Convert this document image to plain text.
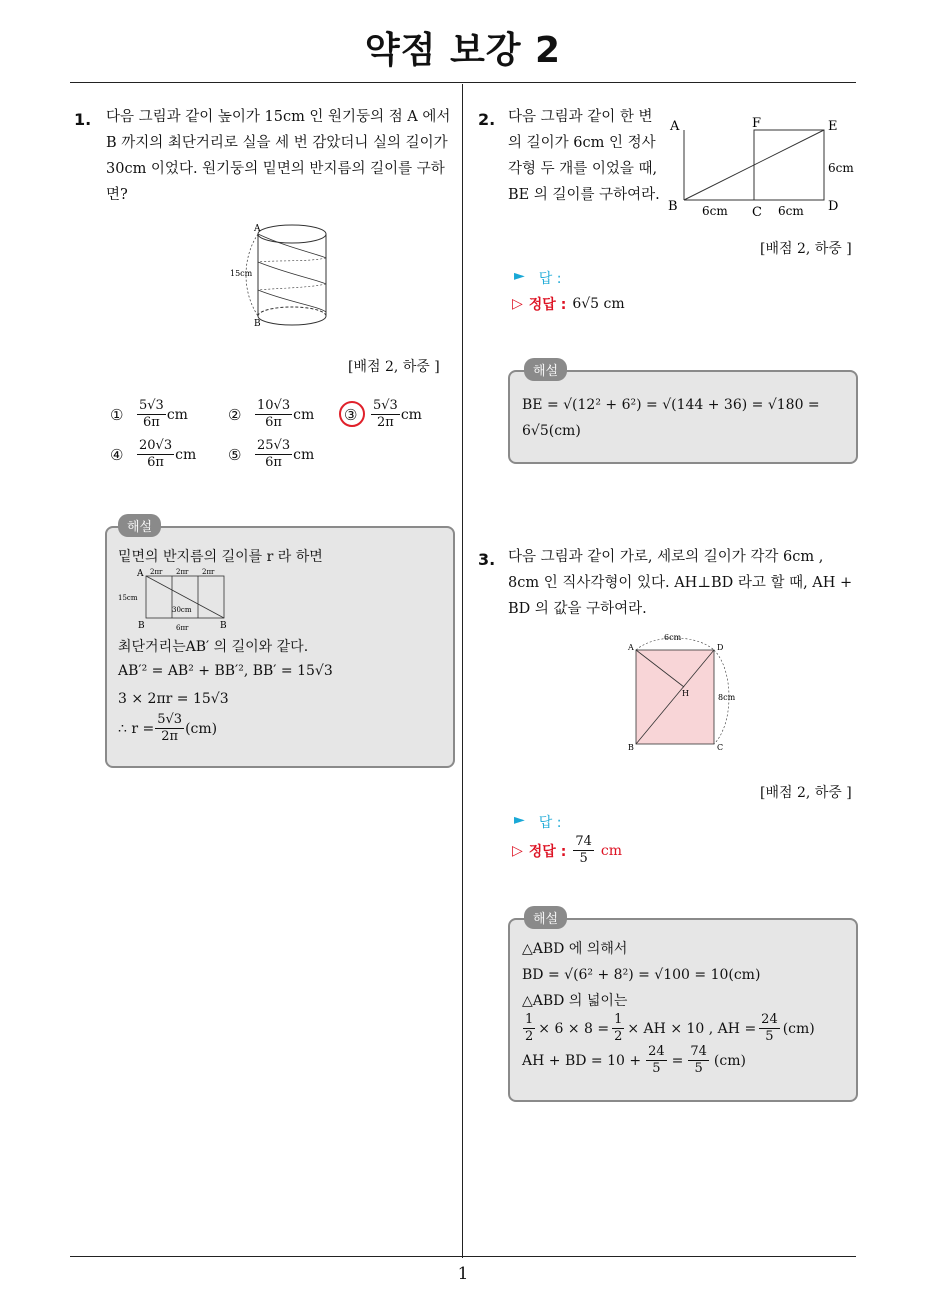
약점 보강 2
1
1. 다음 그림과 같이 높이가 15cm 인 원기둥의 점 A 에서 B 까지의 최단거리로 실을 세 번 감았더니 실의 길이가 30cm 이었다. 원기둥의 밑면의 반지름의 길이를 구하면?
A
B
15cm
[배점 2, 하중 ]
①	$\frac{5√3}{6\pi}$ cm	②	$\frac{10√3}{6\pi}$ cm ③	$\frac{5√3}{2\pi}$ cm
④	$\frac{20√3}{6\pi}$ cm ⑤	$\frac{25√3}{6\pi}$ cm
해설
밑면의 반지름의 길이를 r 라 하면
A
B	B
2πr 2πr 2πr
15cm
30cm
6πr
최단거리는AB′ 의 길이와 같다.
AB′² = AB² + BB′², BB′ = 15√3
3 × 2πr = 15√3
∴ $r = \frac{5√3}{2\pi} (cm)$
2. 다음 그림과 같이 한 변의 길이가 6cm 인 정사각형 두 개를 이었을 때, BE 의 길이를 구하여라.
A	F	E
B	C	D
6cm	6cm
6cm
[배점 2, 하중 ]
► 답 :
▷ 정답 : 6√5 cm
해설
BE = √(12² + 6²) = √(144 + 36) = √180 =
6√5(cm)
3. 다음 그림과 같이 가로, 세로의 길이가 각각 6cm , 8cm 인 직사각형이 있다. AH⊥BD 라고 할 때, AH + BD 의 값을 구하여라.
A	D
B	C
H
6cm
8cm
[배점 2, 하중 ]
► 답 :
▷ 정답 : $\frac{74}{5}$ cm
해설
△ABD 에 의해서
BD = √(6² + 8²) = √100 = 10(cm)
△ABD 의 넓이는
$\frac{1}{2} \times 6 \times 8 = \frac{1}{2}$ × AH × 10 , AH = $\frac{24}{5} (cm)$
AH + BD = $10 + \frac{24}{5} = \frac{74}{5} (cm)$
